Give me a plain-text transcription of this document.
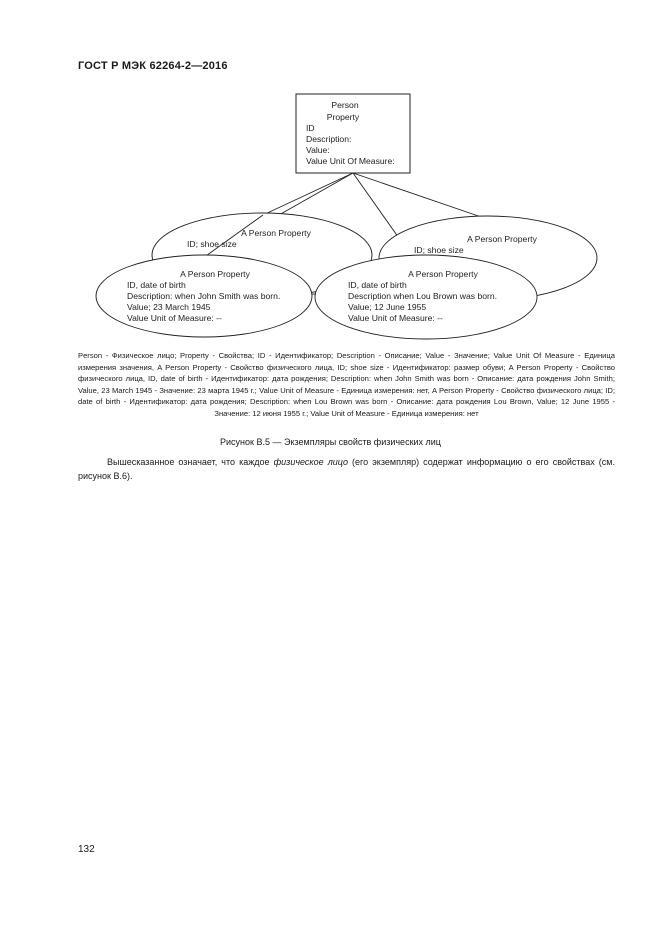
ГОСТ Р МЭК 62264-2—2016
Person
Property
ID
Description:
Value:
Value Unit Of Measure:
A Person Property
ID; shoe size	A Person Property
ID; shoe size
A Person Property
ID, date of birth
Description: when John Smith was born.
Value; 23 March 1945
Value Unit of Measure: --
A Person Property
ID, date of birth
Description when Lou Brown was born.
Value; 12 June 1955
Value Unit of Measure: --
Person - Физическое лицо; Property - Свойства; ID - Идентификатор; Description - Описание; Value - Значение; Value Unit Of Measure - Единица измерения значения, A Person Property - Свойство физического лица, ID; shoe size - Идентификатор: размер обуви; A Person Property - Свойство физического лица, ID, date of birth - Идентификатор: дата рождения; Description: when John Smith was born - Описание: дата рождения John Smith; Value, 23 March 1945 - Значение: 23 марта 1945 г.; Value Unit of Measure - Единица измерения: нет, A Person Property - Свойство физического лица; ID; date of birth - Идентификатор: дата рождения; Description: when Lou Brown was born - Описание: дата рождения Lou Brown, Value; 12 June 1955 - Значение: 12 июня 1955 г.; Value Unit of Measure - Единица измерения: нет
Рисунок В.5 — Экземпляры свойств физических лиц
Вышесказанное означает, что каждое физическое лицо (его экземпляр) содержат информацию о его свойствах (см. рисунок В.6).
132
